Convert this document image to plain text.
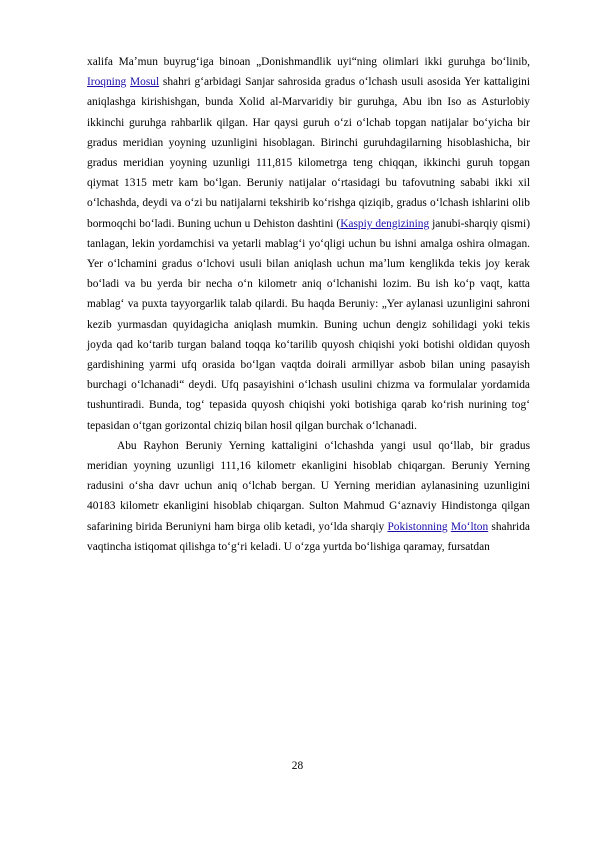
xalifa Maʼmun buyrugʻiga binoan „Donishmandlik uyi“ning olimlari ikki guruhga boʻlinib, Iroqning Mosul shahri gʻarbidagi Sanjar sahrosida gradus oʻlchash usuli asosida Yer kattaligini aniqlashga kirishishgan, bunda Xolid al-Marvaridiy bir guruhga, Abu ibn Iso as Asturlobiy ikkinchi guruhga rahbarlik qilgan. Har qaysi guruh oʻzi oʻlchab topgan natijalar boʻyicha bir gradus meridian yoyning uzunligini hisoblagan. Birinchi guruhdagilarning hisoblashicha, bir gradus meridian yoyning uzunligi 111,815 kilometrga teng chiqqan, ikkinchi guruh topgan qiymat 1315 metr kam boʻlgan. Beruniy natijalar oʻrtasidagi bu tafovutning sababi ikki xil oʻlchashda, deydi va oʻzi bu natijalarni tekshirib koʻrishga qiziqib, gradus oʻlchash ishlarini olib bormoqchi boʻladi. Buning uchun u Dehiston dashtini (Kaspiy dengizining janubi-sharqiy qismi) tanlagan, lekin yordamchisi va yetarli mablagʻi yoʻqligi uchun bu ishni amalga oshira olmagan. Yer oʻlchamini gradus oʻlchovi usuli bilan aniqlash uchun maʼlum kenglikda tekis joy kerak boʻladi va bu yerda bir necha oʻn kilometr aniq oʻlchanishi lozim. Bu ish koʻp vaqt, katta mablagʻ va puxta tayyorgarlik talab qilardi. Bu haqda Beruniy: „Yer aylanasi uzunligini sahroni kezib yurmasdan quyidagicha aniqlash mumkin. Buning uchun dengiz sohilidagi yoki tekis joyda qad koʻtarib turgan baland toqqa koʻtarilib quyosh chiqishi yoki botishi oldidan quyosh gardishining yarmi ufq orasida boʻlgan vaqtda doirali armillyar asbob bilan uning pasayish burchagi oʻlchanadi“ deydi. Ufq pasayishini oʻlchash usulini chizma va formulalar yordamida tushuntiradi. Bunda, togʻ tepasida quyosh chiqishi yoki botishiga qarab koʻrish nurining togʻ tepasidan oʻtgan gorizontal chiziq bilan hosil qilgan burchak oʻlchanadi.

Abu Rayhon Beruniy Yerning kattaligini oʻlchashda yangi usul qoʻllab, bir gradus meridian yoyning uzunligi 111,16 kilometr ekanligini hisoblab chiqargan. Beruniy Yerning radusini oʻsha davr uchun aniq oʻlchab bergan. U Yerning meridian aylanasining uzunligini 40183 kilometr ekanligini hisoblab chiqargan. Sulton Mahmud Gʻaznaviy Hindistonga qilgan safarining birida Beruniyni ham birga olib ketadi, yoʻlda sharqiy Pokistonning Moʻlton shahrida vaqtincha istiqomat qilishga toʻgʻri keladi. U oʻzga yurtda boʻlishiga qaramay, fursatdan

28
